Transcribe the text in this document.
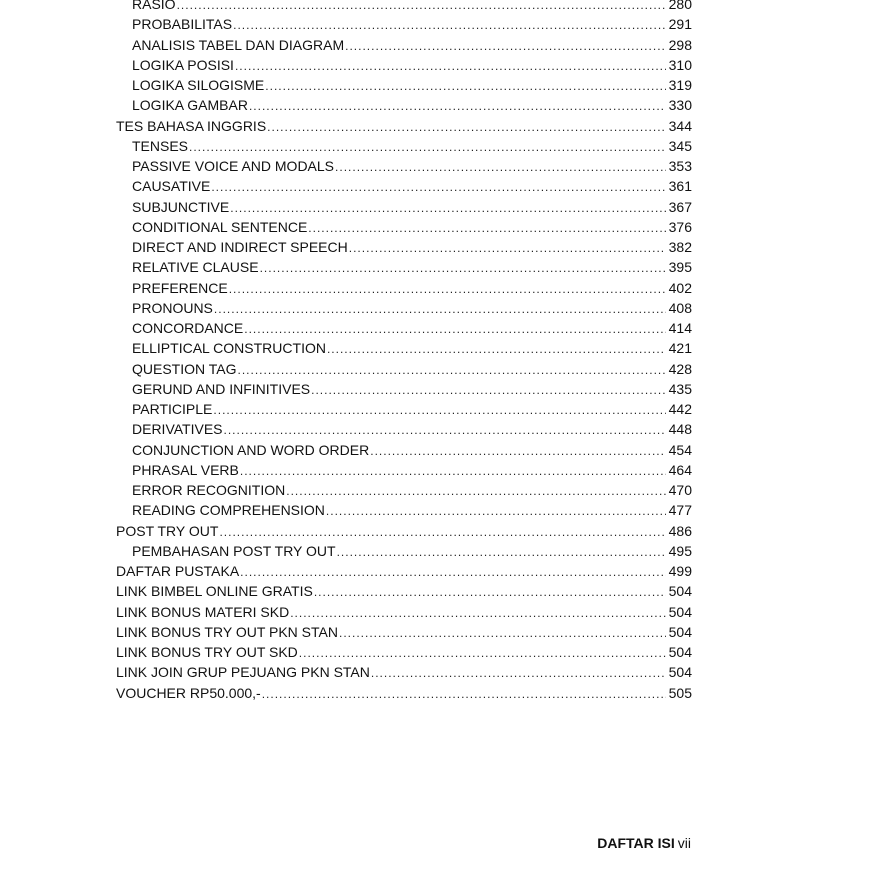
RASIO .....	280
PROBABILITAS .....	291
ANALISIS TABEL DAN DIAGRAM .....	298
LOGIKA POSISI .....	310
LOGIKA SILOGISME .....	319
LOGIKA GAMBAR .....	330
TES BAHASA INGGRIS .....	344
TENSES .....	345
PASSIVE VOICE AND MODALS .....	353
CAUSATIVE .....	361
SUBJUNCTIVE .....	367
CONDITIONAL SENTENCE .....	376
DIRECT AND INDIRECT SPEECH .....	382
RELATIVE CLAUSE .....	395
PREFERENCE .....	402
PRONOUNS .....	408
CONCORDANCE .....	414
ELLIPTICAL CONSTRUCTION .....	421
QUESTION TAG .....	428
GERUND AND INFINITIVES .....	435
PARTICIPLE .....	442
DERIVATIVES .....	448
CONJUNCTION AND WORD ORDER .....	454
PHRASAL VERB .....	464
ERROR RECOGNITION .....	470
READING COMPREHENSION .....	477
POST TRY OUT .....	486
PEMBAHASAN POST TRY OUT .....	495
DAFTAR PUSTAKA .....	499
LINK BIMBEL ONLINE GRATIS .....	504
LINK BONUS MATERI SKD .....	504
LINK BONUS TRY OUT PKN STAN .....	504
LINK BONUS TRY OUT SKD .....	504
LINK JOIN GRUP PEJUANG PKN STAN .....	504
VOUCHER RP50.000,- .....	505
DAFTAR ISI vii
